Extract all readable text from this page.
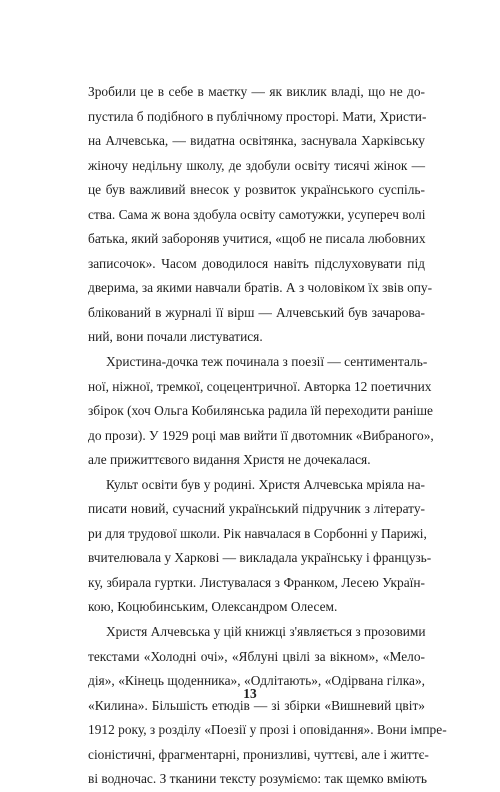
Зробили це в себе в маєтку — як виклик владі, що не до-
пустила б подібного в публічному просторі. Мати, Христи-
на Алчевська, — видатна освітянка, заснувала Харківську
жіночу недільну школу, де здобули освіту тисячі жінок —
це був важливий внесок у розвиток українського суспіль-
ства. Сама ж вона здобула освіту самотужки, усупереч волі
батька, який забороняв учитися, «щоб не писала любовних
записочок». Часом доводилося навіть підслуховувати під
дверима, за якими навчали братів. А з чоловіком їх звів опу-
блікований в журналі її вірш — Алчевський був зачарова-
ний, вони почали листуватися.
Христина-дочка теж починала з поезії — сентименталь-
ної, ніжної, тремкої, соцецентричної. Авторка 12 поетичних
збірок (хоч Ольга Кобилянська радила їй переходити раніше
до прози). У 1929 році мав вийти її двотомник «Вибраного»,
але прижиттєвого видання Христя не дочекалася.
Культ освіти був у родині. Христя Алчевська мріяла на-
писати новий, сучасний український підручник з літерату-
ри для трудової школи. Рік навчалася в Сорбонні у Парижі,
вчителювала у Харкові — викладала українську і французь-
ку, збирала гуртки. Листувалася з Франком, Лесею Україн-
кою, Коцюбинським, Олександром Олесем.
Христя Алчевська у цій книжці з'являється з прозовими
текстами «Холодні очі», «Яблуні цвілі за вікном», «Мело-
дія», «Кінець щоденника», «Одлітають», «Одірвана гілка»,
«Килина». Більшість етюдів — зі збірки «Вишневий цвіт»
1912 року, з розділу «Поезії у прозі і оповідання». Вони імпре-
сіоністичні, фрагментарні, пронизливі, чуттєві, але і життє-
ві водночас. З тканини тексту розуміємо: так щемко вміють
13
